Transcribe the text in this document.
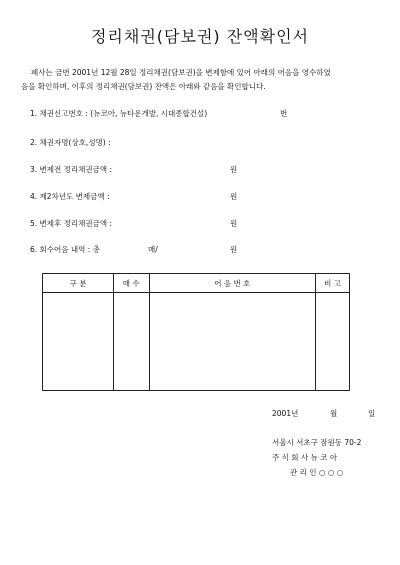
정리채권(담보권) 잔액확인서

폐사는 금번 2001년 12월 28일 정리채권(담보권)을 변제함에 있어 아래의 어음을 영수하였

음을 확인하며, 이후의 정리채권(담보권) 잔액은 아래와 같음을 확인합니다.

1. 채권신고번호 : (뉴코아, 뉴타운개발, 시대종합건설)	번
2. 채권자명(상호,성명) :
3. 변제전 정리채권금액 :	원
4. 제2차년도 변제금액 :	원
5. 변제후 정리채권금액 :	원
6. 회수어음 내역 : 총	매/	원
구 분	매 수	어 음 번 호	비 고

2001년	월	일
서울시 서초구 잠원동 70-2
주 식 회 사 뉴 코 아
관 리 인 ○ ○ ○
